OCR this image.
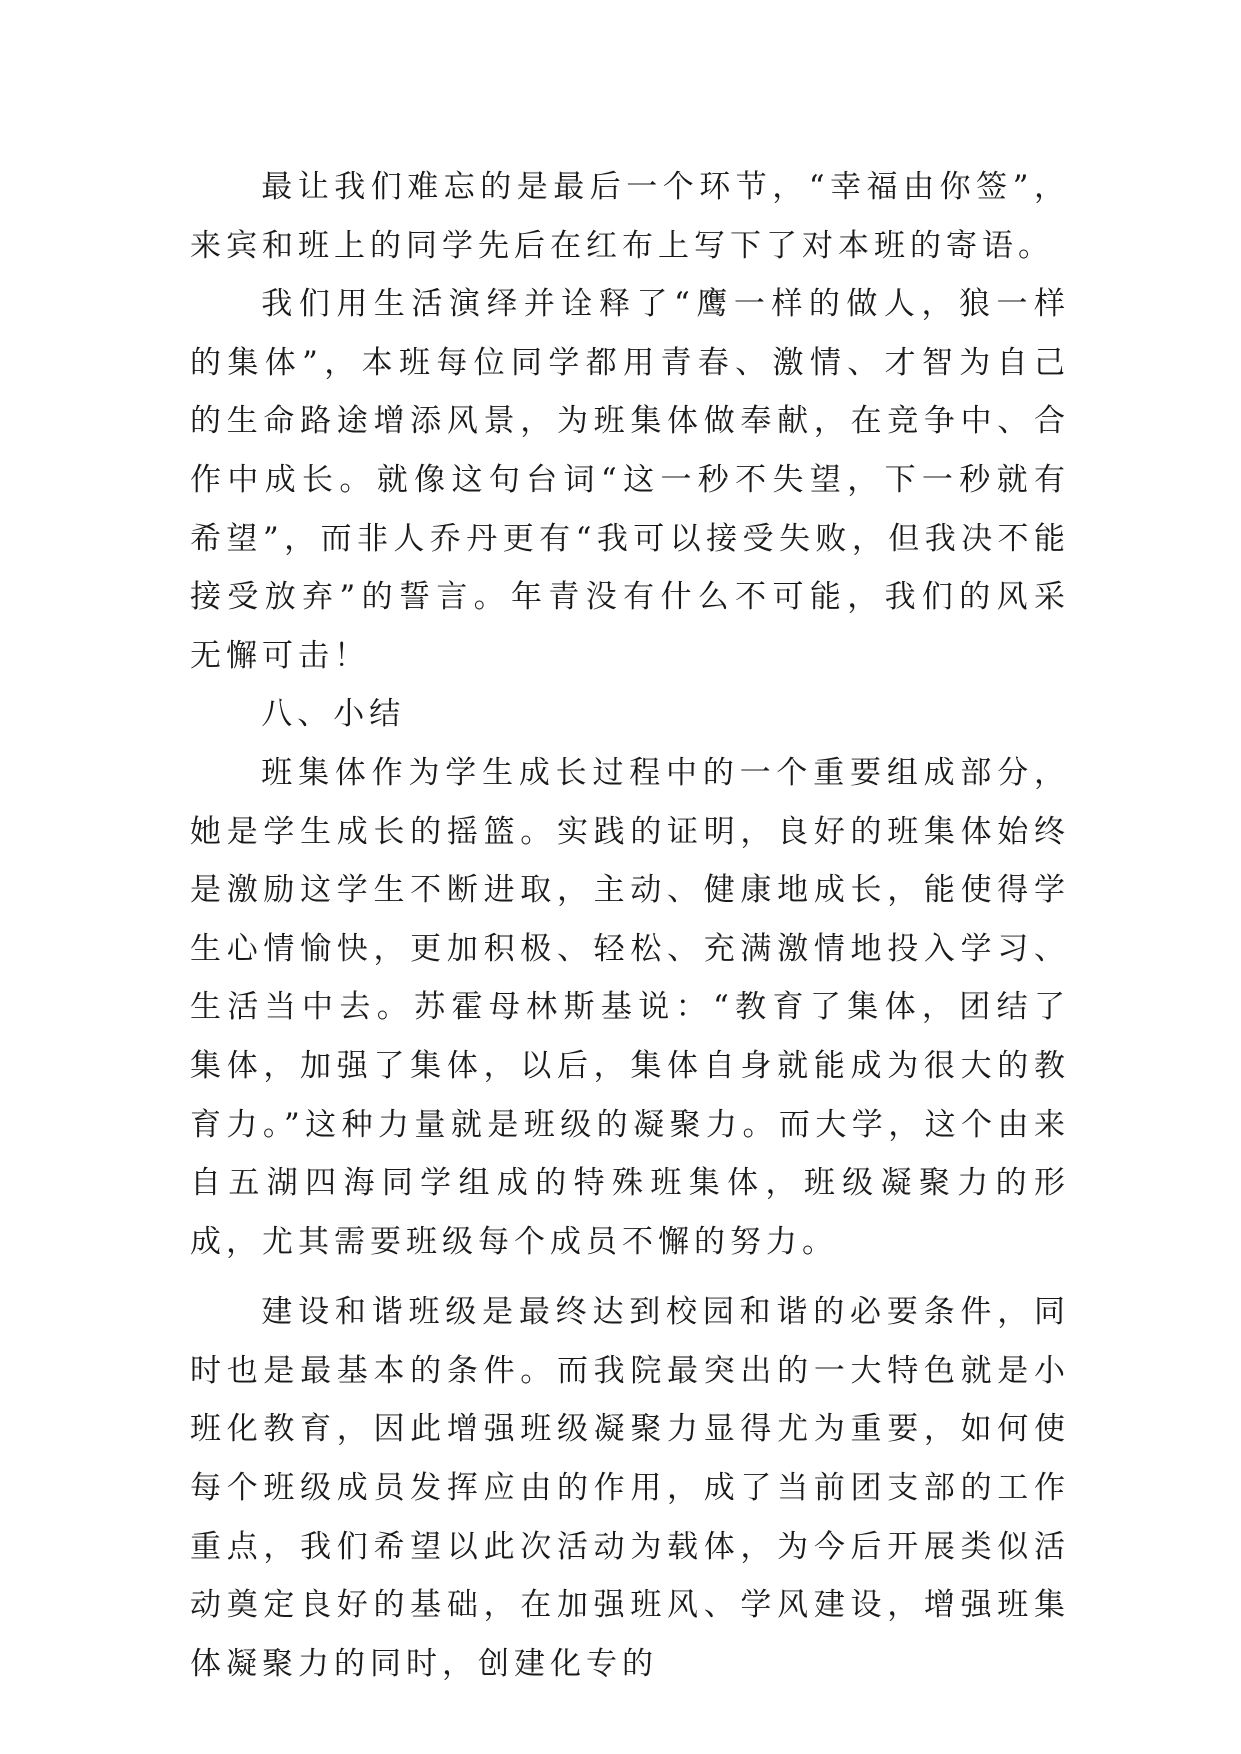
最让我们难忘的是最后一个环节，“幸福由你签”，来宾和班上的同学先后在红布上写下了对本班的寄语。

我们用生活演绎并诠释了“鹰一样的做人，狼一样的集体”，本班每位同学都用青春、激情、才智为自己的生命路途增添风景，为班集体做奉献，在竞争中、合作中成长。就像这句台词“这一秒不失望，下一秒就有希望”，而非人乔丹更有“我可以接受失败，但我决不能接受放弃”的誓言。年青没有什么不可能，我们的风采无懈可击！

八、小结

班集体作为学生成长过程中的一个重要组成部分，她是学生成长的摇篮。实践的证明，良好的班集体始终是激励这学生不断进取，主动、健康地成长，能使得学生心情愉快，更加积极、轻松、充满激情地投入学习、生活当中去。苏霍母林斯基说：“教育了集体，团结了集体，加强了集体，以后，集体自身就能成为很大的教育力。”这种力量就是班级的凝聚力。而大学，这个由来自五湖四海同学组成的特殊班集体，班级凝聚力的形成，尤其需要班级每个成员不懈的努力。

建设和谐班级是最终达到校园和谐的必要条件，同时也是最基本的条件。而我院最突出的一大特色就是小班化教育，因此增强班级凝聚力显得尤为重要，如何使每个班级成员发挥应由的作用，成了当前团支部的工作重点，我们希望以此次活动为载体，为今后开展类似活动奠定良好的基础，在加强班风、学风建设，增强班集体凝聚力的同时，创建化专的
